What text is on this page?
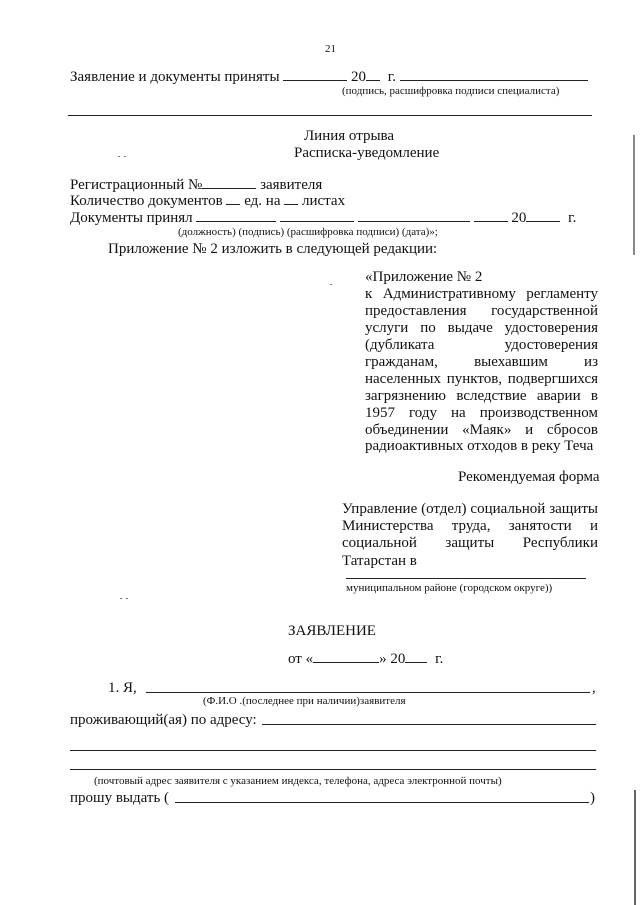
21
Заявление и документы приняты	20 г.
(подпись, расшифровка подписи специалиста)
Линия отрыва
Расписка-уведомление
Регистрационный №	заявителя
Количество документов ед. на листах
Документы принял	20	г.
(должность) (подпись) (расшифровка подписи) (дата)»;
Приложение № 2 изложить в следующей редакции:
«Приложение № 2
к Административному регламенту
предоставления государственной
услуги по выдаче удостоверения
(дубликата удостоверения
гражданам, выехавшим из
населенных пунктов, подвергшихся
загрязнению вследствие аварии в
1957 году на производственном
объединении «Маяк» и сбросов
радиоактивных отходов в реку Теча
Рекомендуемая форма
Управление (отдел) социальной защиты
Министерства труда, занятости и
социальной защиты Республики
Татарстан в
муниципальном районе (городском округе))
ЗАЯВЛЕНИЕ
от «	» 20 г.
1. Я,	,
(Ф.И.О .(последнее при наличии)заявителя
проживающий(ая) по адресу:
(почтовый адрес заявителя с указанием индекса, телефона, адреса электронной почты)
прошу выдать (	)
